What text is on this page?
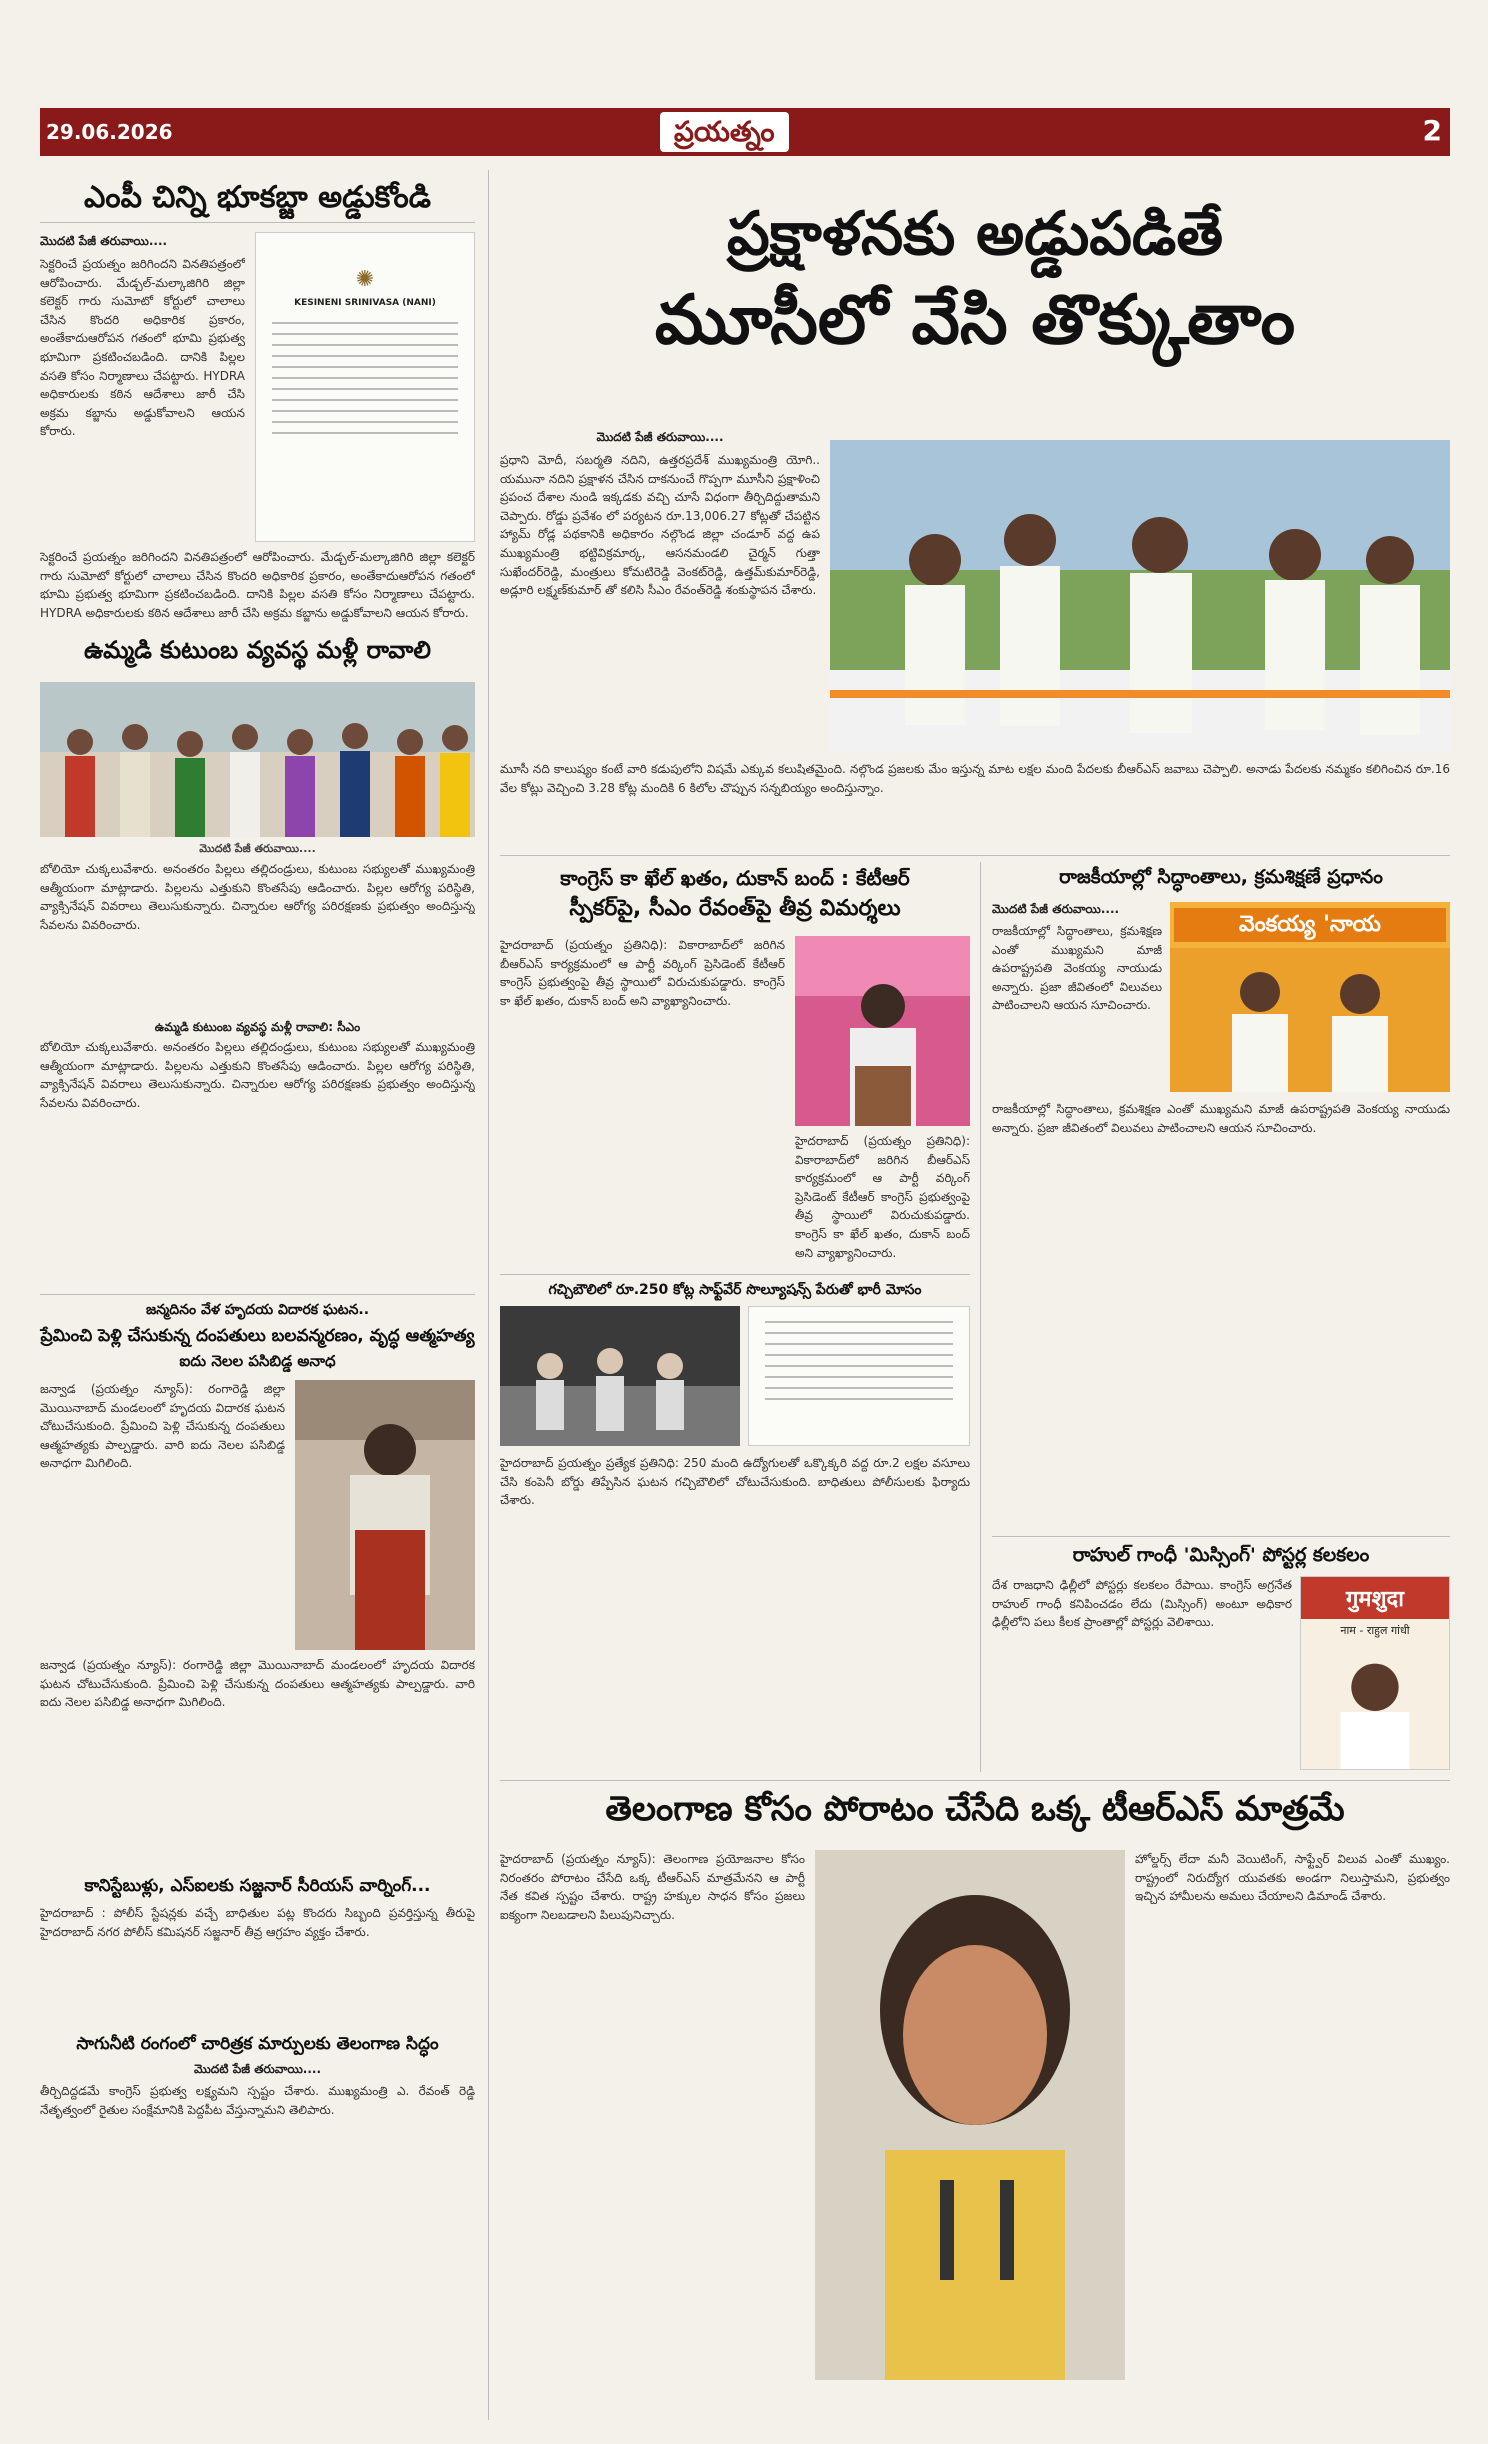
29.06.2026	ప్రయత్నం	2
ఎంపీ చిన్ని భూకబ్జా అడ్డుకోండి
✺
KESINENI SRINIVASA (NANI)
మొదటి పేజీ తరువాయి....
సెక్టరించే ప్రయత్నం జరిగిందని వినతిపత్రంలో ఆరోపించారు. మేడ్చల్-మల్కాజిగిరి జిల్లా కలెక్టర్ గారు సుమోటో కోర్టులో చాలాలు చేసిన కొందరి అధికారిక ప్రకారం, అంతేకాదుఆరోపన గతంలో భూమి ప్రభుత్వ భూమిగా ప్రకటించబడింది. దానికి పిల్లల వసతి కోసం నిర్మాణాలు చేపట్టారు. HYDRA అధికారులకు కఠిన ఆదేశాలు జారీ చేసి అక్రమ కబ్జాను అడ్డుకోవాలని ఆయన కోరారు.
సెక్టరించే ప్రయత్నం జరిగిందని వినతిపత్రంలో ఆరోపించారు. మేడ్చల్-మల్కాజిగిరి జిల్లా కలెక్టర్ గారు సుమోటో కోర్టులో చాలాలు చేసిన కొందరి అధికారిక ప్రకారం, అంతేకాదుఆరోపన గతంలో భూమి ప్రభుత్వ భూమిగా ప్రకటించబడింది. దానికి పిల్లల వసతి కోసం నిర్మాణాలు చేపట్టారు. HYDRA అధికారులకు కఠిన ఆదేశాలు జారీ చేసి అక్రమ కబ్జాను అడ్డుకోవాలని ఆయన కోరారు.
ఉమ్మడి కుటుంబ వ్యవస్థ మళ్లీ రావాలి
మొదటి పేజీ తరువాయి....
బోలియో చుక్కలువేశారు. అనంతరం పిల్లలు తల్లిదండ్రులు, కుటుంబ సభ్యులతో ముఖ్యమంత్రి ఆత్మీయంగా మాట్లాడారు. పిల్లలను ఎత్తుకుని కొంతసేపు ఆడించారు. పిల్లల ఆరోగ్య పరిస్థితి, వ్యాక్సినేషన్ వివరాలు తెలుసుకున్నారు. చిన్నారుల ఆరోగ్య పరిరక్షణకు ప్రభుత్వం అందిస్తున్న సేవలను వివరించారు.
ఉమ్మడి కుటుంబ వ్యవస్థ మళ్లీ రావాలి: సీఎం
బోలియో చుక్కలువేశారు. అనంతరం పిల్లలు తల్లిదండ్రులు, కుటుంబ సభ్యులతో ముఖ్యమంత్రి ఆత్మీయంగా మాట్లాడారు. పిల్లలను ఎత్తుకుని కొంతసేపు ఆడించారు. పిల్లల ఆరోగ్య పరిస్థితి, వ్యాక్సినేషన్ వివరాలు తెలుసుకున్నారు. చిన్నారుల ఆరోగ్య పరిరక్షణకు ప్రభుత్వం అందిస్తున్న సేవలను వివరించారు.
జన్మదినం వేళ హృదయ విదారక ఘటన..
ప్రేమించి పెళ్లి చేసుకున్న దంపతులు బలవన్మరణం, వృద్ధ ఆత్మహత్య
ఐదు నెలల పసిబిడ్డ అనాధ
జన్వాడ (ప్రయత్నం న్యూస్): రంగారెడ్డి జిల్లా మొయినాబాద్ మండలంలో హృదయ విదారక ఘటన చోటుచేసుకుంది. ప్రేమించి పెళ్లి చేసుకున్న దంపతులు ఆత్మహత్యకు పాల్పడ్డారు. వారి ఐదు నెలల పసిబిడ్డ అనాధగా మిగిలింది.
జన్వాడ (ప్రయత్నం న్యూస్): రంగారెడ్డి జిల్లా మొయినాబాద్ మండలంలో హృదయ విదారక ఘటన చోటుచేసుకుంది. ప్రేమించి పెళ్లి చేసుకున్న దంపతులు ఆత్మహత్యకు పాల్పడ్డారు. వారి ఐదు నెలల పసిబిడ్డ అనాధగా మిగిలింది.
కానిస్టేబుళ్లు, ఎస్‌ఐలకు సజ్జనార్ సీరియస్ వార్నింగ్...
హైదరాబాద్ : పోలీస్ స్టేషన్లకు వచ్చే బాధితుల పట్ల కొందరు సిబ్బంది ప్రవర్తిస్తున్న తీరుపై హైదరాబాద్ నగర పోలీస్ కమిషనర్ సజ్జనార్ తీవ్ర ఆగ్రహం వ్యక్తం చేశారు.
సాగునీటి రంగంలో చారిత్రక మార్పులకు తెలంగాణ సిద్ధం
మొదటి పేజీ తరువాయి....
తీర్చిదిద్దడమే కాంగ్రెస్ ప్రభుత్వ లక్ష్యమని స్పష్టం చేశారు. ముఖ్యమంత్రి ఎ. రేవంత్ రెడ్డి నేతృత్వంలో రైతుల సంక్షేమానికి పెద్దపీట వేస్తున్నామని తెలిపారు.
ప్రక్షాళనకు అడ్డుపడితే
మూసీలో వేసి తొక్కుతాం
మొదటి పేజీ తరువాయి....
ప్రధాని మోదీ, సబర్మతి నదిని, ఉత్తరప్రదేశ్ ముఖ్యమంత్రి యోగి.. యమునా నదిని ప్రక్షాళన చేసిన దాకనుంచే గొప్పగా మూసీని ప్రక్షాళించి ప్రపంచ దేశాల నుండి ఇక్కడకు వచ్చి చూసే విధంగా తీర్చిదిద్దుతామని చెప్పారు. రోడ్డు ప్రవేశం లో పర్యటన రూ.13,006.27 కోట్లతో చేపట్టిన హ్యామ్ రోడ్ల పథకానికి అధికారం నల్గొండ జిల్లా చండూర్ వద్ద ఉప ముఖ్యమంత్రి భట్టివిక్రమార్క, ఆసనమండలి చైర్మన్ గుత్తా సుఖేందర్‌రెడ్డి, మంత్రులు కోమటిరెడ్డి వెంకట్‌రెడ్డి, ఉత్తమ్‌కుమార్‌రెడ్డి, అడ్లూరి లక్ష్మణ్‌కుమార్ తో కలిసి సీఎం రేవంత్‌రెడ్డి శంకుస్థాపన చేశారు.
మూసీ నది కాలుష్యం కంటే వారి కడుపులోని విషమే ఎక్కువ కలుషితమైంది. నల్గొండ ప్రజలకు మేం ఇస్తున్న మాట లక్షల మంది పేదలకు బీఆర్ఎస్ జవాబు చెప్పాలి. అనాడు పేదలకు నమ్మకం కలిగించిన రూ.16 వేల కోట్లు వెచ్చించి 3.28 కోట్ల మందికి 6 కిలోల చొప్పున సన్నబియ్యం అందిస్తున్నాం.
కాంగ్రెస్ కా ఖేల్ ఖతం, దుకాన్ బంద్ : కేటీఆర్
స్పీకర్‌పై, సీఎం రేవంత్‌పై తీవ్ర విమర్శలు
హైదరాబాద్ (ప్రయత్నం ప్రతినిధి): వికారాబాద్‌లో జరిగిన బీఆర్ఎస్ కార్యక్రమంలో ఆ పార్టీ వర్కింగ్ ప్రెసిడెంట్ కేటీఆర్ కాంగ్రెస్ ప్రభుత్వంపై తీవ్ర స్థాయిలో విరుచుకుపడ్డారు. కాంగ్రెస్ కా ఖేల్ ఖతం, దుకాన్ బంద్ అని వ్యాఖ్యానించారు.
హైదరాబాద్ (ప్రయత్నం ప్రతినిధి): వికారాబాద్‌లో జరిగిన బీఆర్ఎస్ కార్యక్రమంలో ఆ పార్టీ వర్కింగ్ ప్రెసిడెంట్ కేటీఆర్ కాంగ్రెస్ ప్రభుత్వంపై తీవ్ర స్థాయిలో విరుచుకుపడ్డారు. కాంగ్రెస్ కా ఖేల్ ఖతం, దుకాన్ బంద్ అని వ్యాఖ్యానించారు.
గచ్చిబౌలిలో రూ.250 కోట్ల సాఫ్ట్‌వేర్ సొల్యూషన్స్ పేరుతో భారీ మోసం
హైదరాబాద్ ప్రయత్నం ప్రత్యేక ప్రతినిధి: 250 మంది ఉద్యోగులతో ఒక్కొక్కరి వద్ద రూ.2 లక్షల వసూలు చేసి కంపెనీ బోర్డు తిప్పేసిన ఘటన గచ్చిబౌలిలో చోటుచేసుకుంది. బాధితులు పోలీసులకు ఫిర్యాదు చేశారు.
రాజకీయాల్లో సిద్ధాంతాలు, క్రమశిక్షణే ప్రధానం
మొదటి పేజీ తరువాయి....
రాజకీయాల్లో సిద్ధాంతాలు, క్రమశిక్షణ ఎంతో ముఖ్యమని మాజీ ఉపరాష్ట్రపతి వెంకయ్య నాయుడు అన్నారు. ప్రజా జీవితంలో విలువలు పాటించాలని ఆయన సూచించారు.
వెంకయ్య 'నాయ
రాజకీయాల్లో సిద్ధాంతాలు, క్రమశిక్షణ ఎంతో ముఖ్యమని మాజీ ఉపరాష్ట్రపతి వెంకయ్య నాయుడు అన్నారు. ప్రజా జీవితంలో విలువలు పాటించాలని ఆయన సూచించారు.
రాహుల్ గాంధీ 'మిస్సింగ్' పోస్టర్ల కలకలం
దేశ రాజధాని ఢిల్లీలో పోస్టర్లు కలకలం రేపాయి. కాంగ్రెస్ అగ్రనేత రాహుల్ గాంధీ కనిపించడం లేదు (మిస్సింగ్) అంటూ అధికార ఢిల్లీలోని పలు కీలక ప్రాంతాల్లో పోస్టర్లు వెలిశాయి.
गुमशुदा
नाम - राहुल गांधी
తెలంగాణ కోసం పోరాటం చేసేది ఒక్క టీఆర్ఎస్ మాత్రమే
హైదరాబాద్ (ప్రయత్నం న్యూస్): తెలంగాణ ప్రయోజనాల కోసం నిరంతరం పోరాటం చేసేది ఒక్క టీఆర్ఎస్ మాత్రమేనని ఆ పార్టీ నేత కవిత స్పష్టం చేశారు. రాష్ట్ర హక్కుల సాధన కోసం ప్రజలు ఐక్యంగా నిలబడాలని పిలుపునిచ్చారు.
హోల్డర్స్ లేదా మనీ వెయిటింగ్, సాఫ్ట్వేర్ విలువ ఎంతో ముఖ్యం. రాష్ట్రంలో నిరుద్యోగ యువతకు అండగా నిలుస్తామని, ప్రభుత్వం ఇచ్చిన హామీలను అమలు చేయాలని డిమాండ్ చేశారు.
